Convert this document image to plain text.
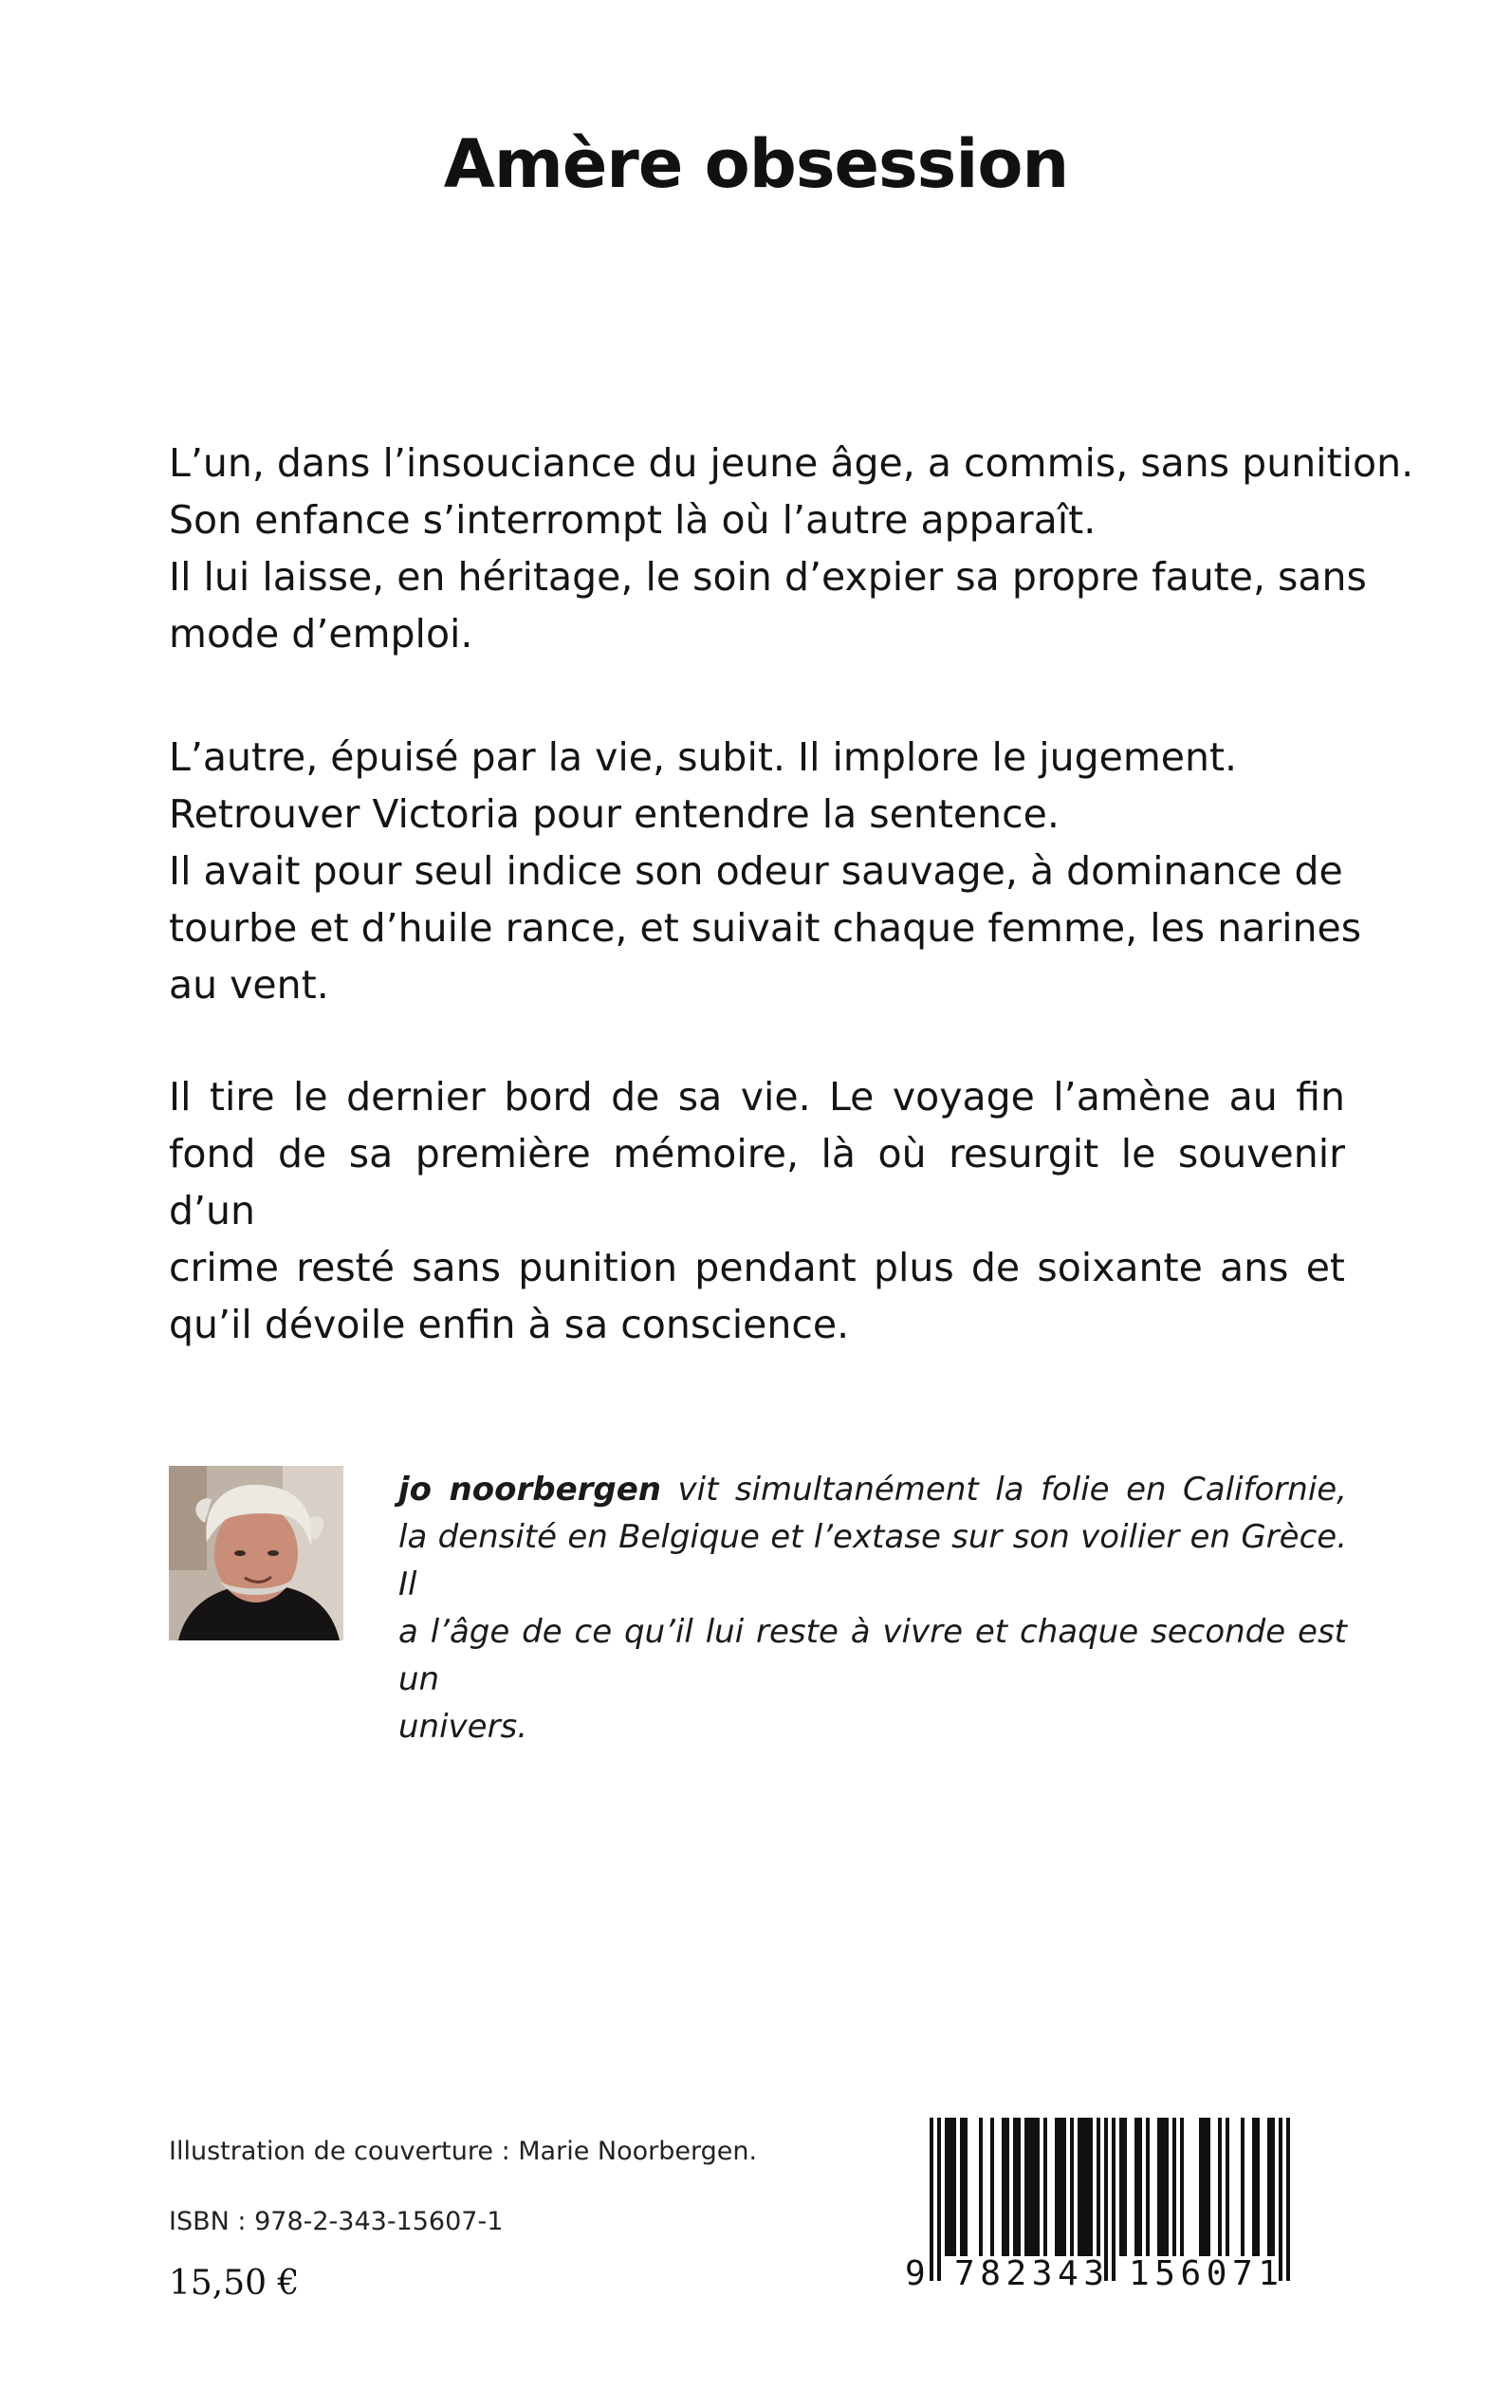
Amère obsession
L’un, dans l’insouciance du jeune âge, a commis, sans punition.
Son enfance s’interrompt là où l’autre apparaît.
Il lui laisse, en héritage, le soin d’expier sa propre faute, sans
mode d’emploi.
L’autre, épuisé par la vie, subit. Il implore le jugement.
Retrouver Victoria pour entendre la sentence.
Il avait pour seul indice son odeur sauvage, à dominance de
tourbe et d’huile rance, et suivait chaque femme, les narines
au vent.
Il tire le dernier bord de sa vie. Le voyage l’amène au fin
fond de sa première mémoire, là où resurgit le souvenir d’un
crime resté sans punition pendant plus de soixante ans et
qu’il dévoile enfin à sa conscience.
jo noorbergen vit simultanément la folie en Californie,
la densité en Belgique et l’extase sur son voilier en Grèce. Il
a l’âge de ce qu’il lui reste à vivre et chaque seconde est un
univers.
Illustration de couverture : Marie Noorbergen.
ISBN : 978-2-343-15607-1
15,50 €	9 782343 156071
